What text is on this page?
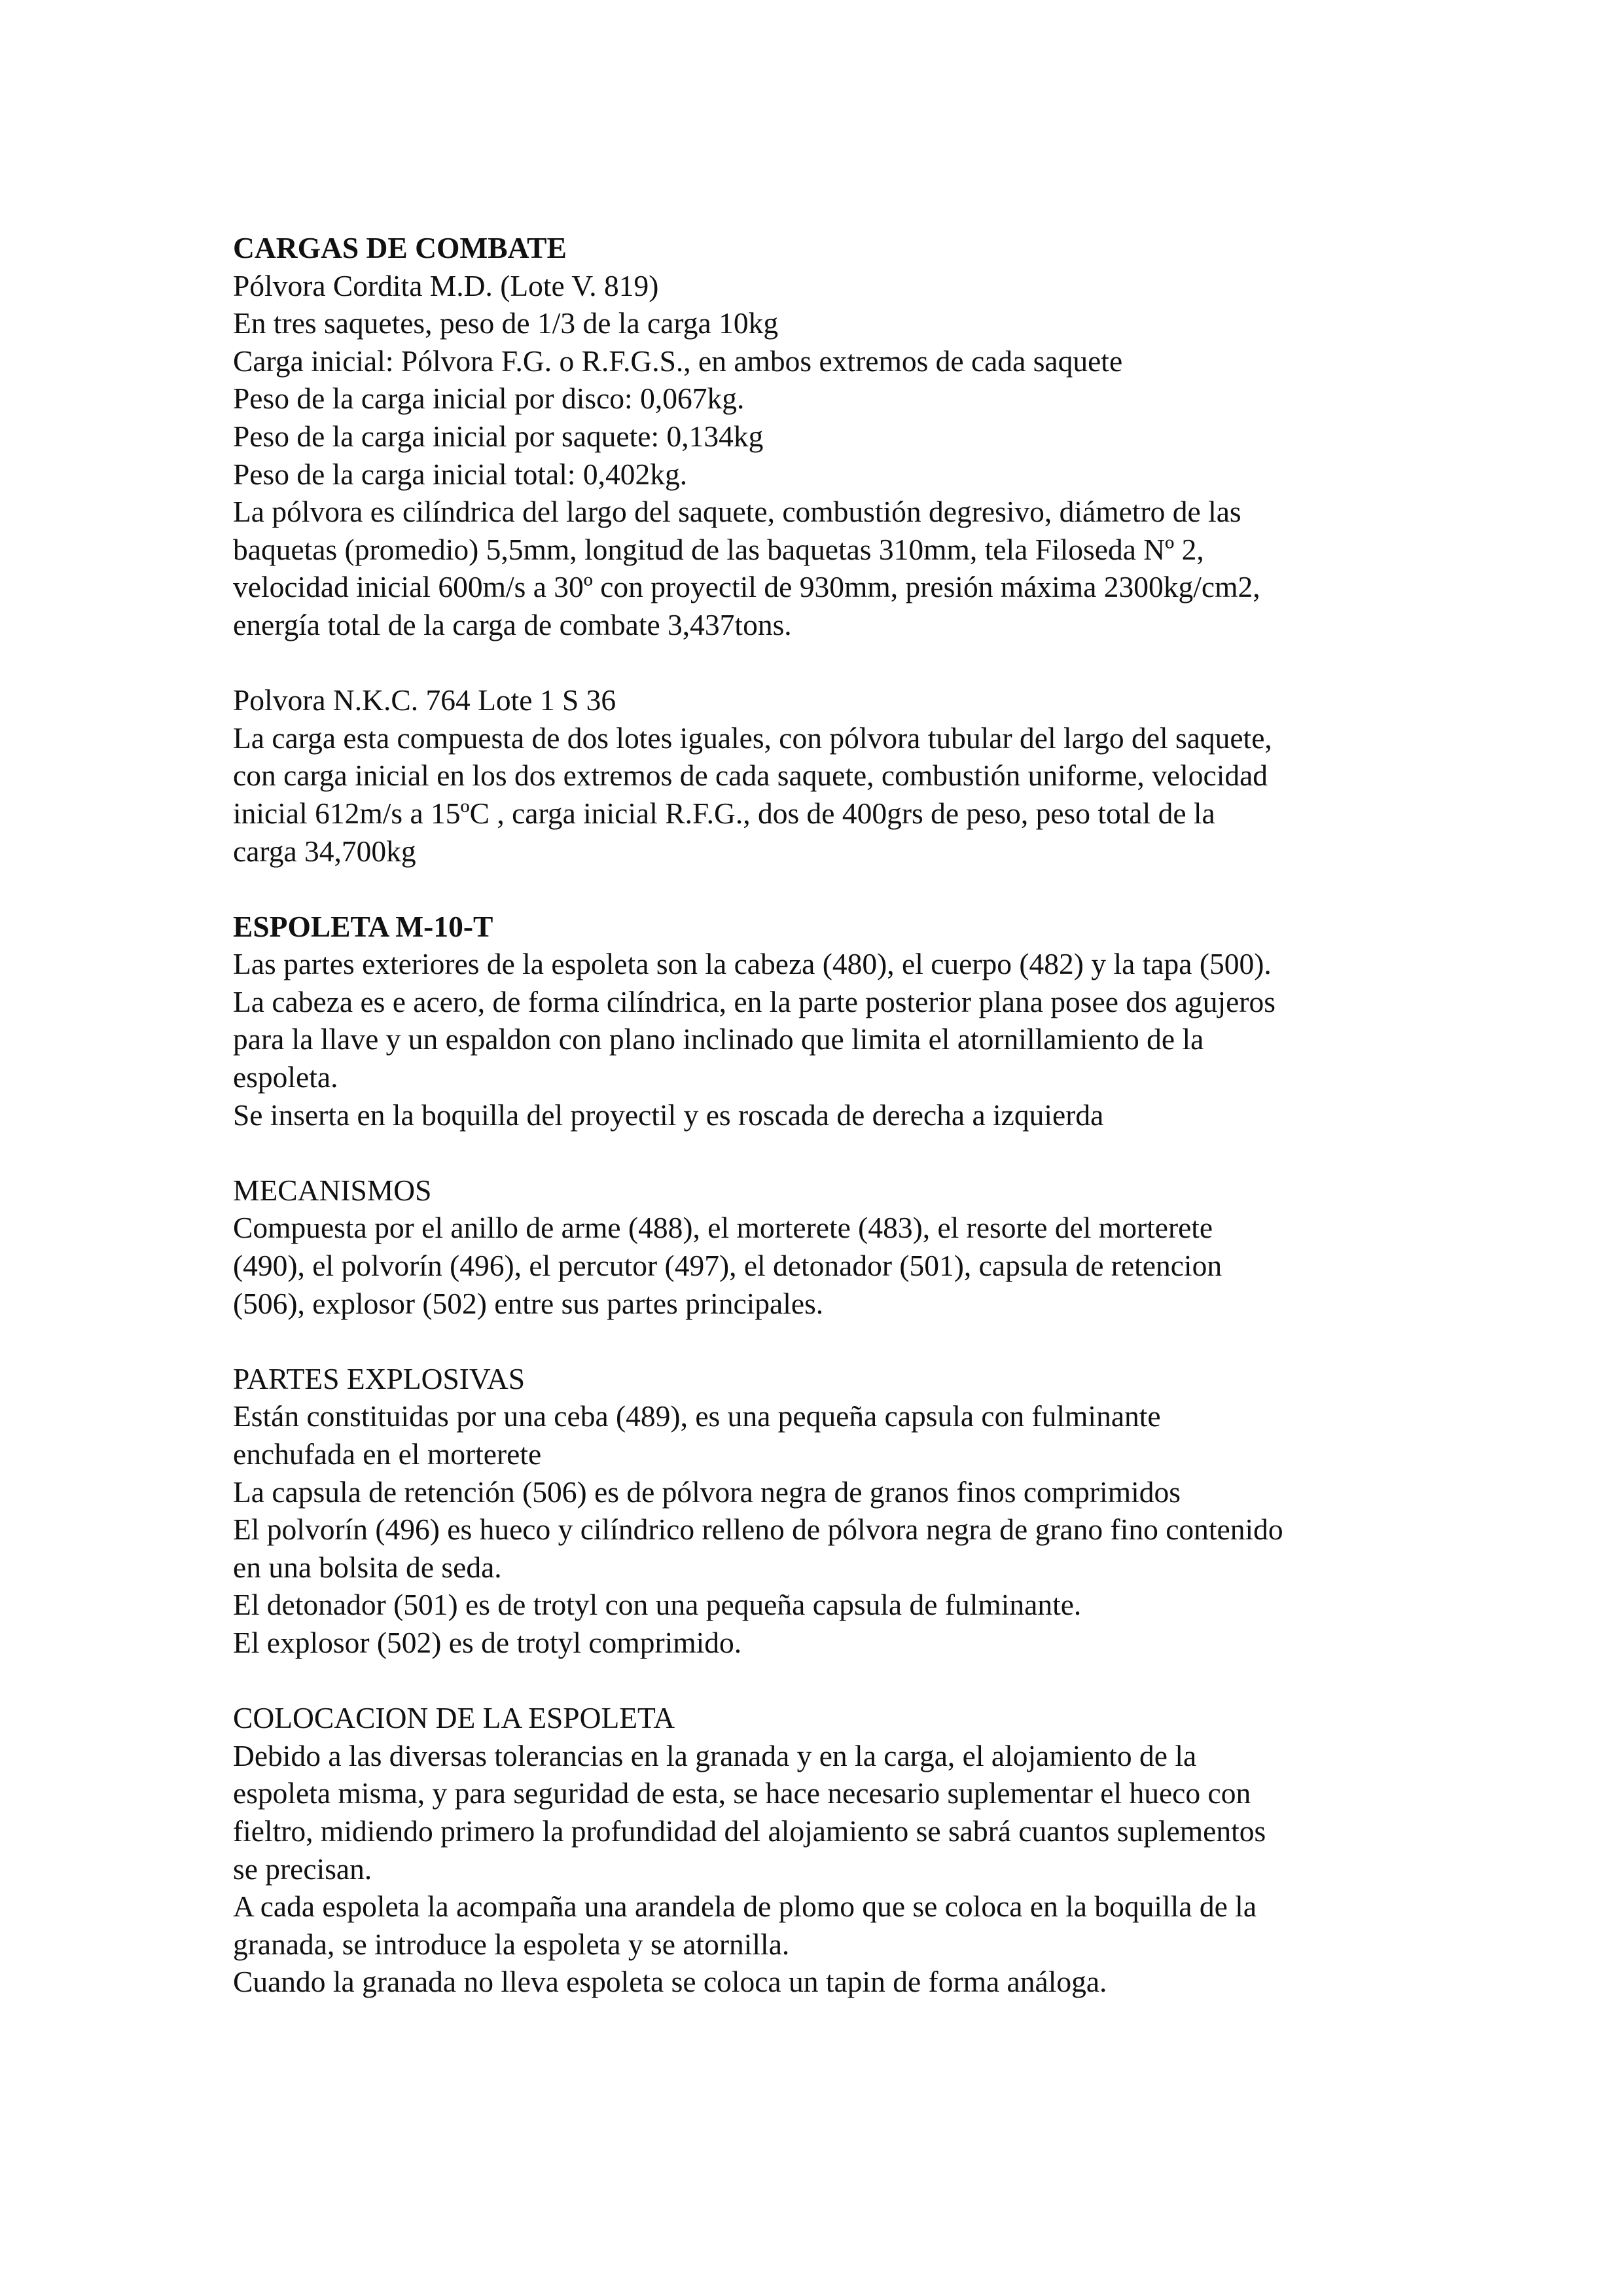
CARGAS DE COMBATE
Pólvora Cordita M.D. (Lote V. 819)
En tres saquetes, peso de 1/3 de la carga 10kg
Carga inicial: Pólvora F.G. o R.F.G.S., en ambos extremos de cada saquete
Peso de la carga inicial por disco: 0,067kg.
Peso de la carga inicial por saquete: 0,134kg
Peso de la carga inicial total: 0,402kg.
La pólvora es cilíndrica del largo del saquete, combustión degresivo, diámetro de las
baquetas (promedio) 5,5mm, longitud de las baquetas 310mm, tela Filoseda Nº 2,
velocidad inicial 600m/s a 30º con proyectil de 930mm, presión máxima 2300kg/cm2,
energía total de la carga de combate 3,437tons.
Polvora N.K.C. 764 Lote 1 S 36
La carga esta compuesta de dos lotes iguales, con pólvora tubular del largo del saquete,
con carga inicial en los dos extremos de cada saquete, combustión uniforme, velocidad
inicial 612m/s a 15ºC , carga inicial R.F.G., dos de 400grs de peso, peso total de la
carga 34,700kg
ESPOLETA M-10-T
Las partes exteriores de la espoleta son la cabeza (480), el cuerpo (482) y la tapa (500).
La cabeza es e acero, de forma cilíndrica, en la parte posterior plana posee dos agujeros
para la llave y un espaldon con plano inclinado que limita el atornillamiento de la
espoleta.
Se inserta en la boquilla del proyectil y es roscada de derecha a izquierda
MECANISMOS
Compuesta por el anillo de arme (488), el morterete (483), el resorte del morterete
(490), el polvorín (496), el percutor (497), el detonador (501), capsula de retencion
(506), explosor (502) entre sus partes principales.
PARTES EXPLOSIVAS
Están constituidas por una ceba (489), es una pequeña capsula con fulminante
enchufada en el morterete
La capsula de retención (506) es de pólvora negra de granos finos comprimidos
El polvorín (496) es hueco y cilíndrico relleno de pólvora negra de grano fino contenido
en una bolsita de seda.
El detonador (501) es de trotyl con una pequeña capsula de fulminante.
El explosor (502) es de trotyl comprimido.
COLOCACION DE LA ESPOLETA
Debido a las diversas tolerancias en la granada y en la carga, el alojamiento de la
espoleta misma, y para seguridad de esta, se hace necesario suplementar el hueco con
fieltro, midiendo primero la profundidad del alojamiento se sabrá cuantos suplementos
se precisan.
A cada espoleta la acompaña una arandela de plomo que se coloca en la boquilla de la
granada, se introduce la espoleta y se atornilla.
Cuando la granada no lleva espoleta se coloca un tapin de forma análoga.
